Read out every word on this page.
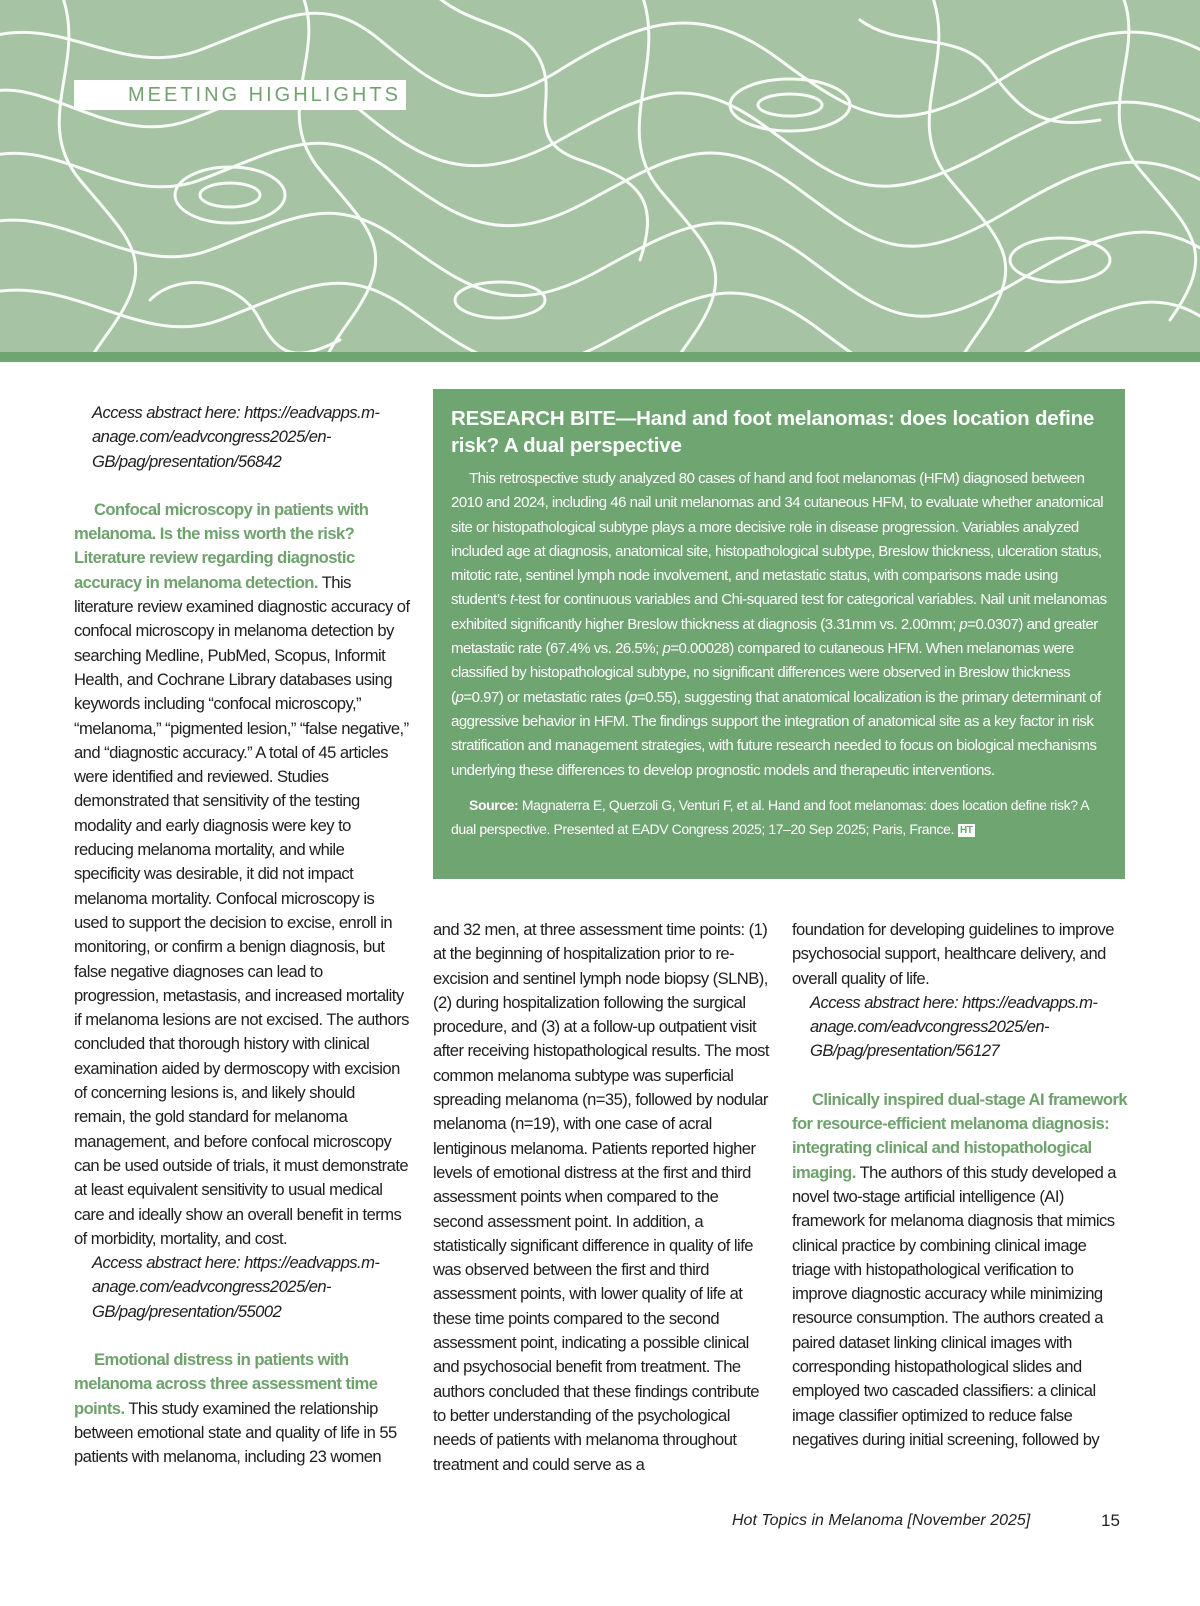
MEETING HIGHLIGHTS
Access abstract here: https://eadvapps.m-anage.com/eadvcongress2025/en-GB/pag/presentation/56842

Confocal microscopy in patients with melanoma. Is the miss worth the risk? Literature review regarding diagnostic accuracy in melanoma detection. This literature review examined diagnostic accuracy of confocal microscopy in melanoma detection by searching Medline, PubMed, Scopus, Informit Health, and Cochrane Library databases using keywords including “confocal microscopy,” “melanoma,” “pigmented lesion,” “false negative,” and “diagnostic accuracy.” A total of 45 articles were identified and reviewed. Studies demonstrated that sensitivity of the testing modality and early diagnosis were key to reducing melanoma mortality, and while specificity was desirable, it did not impact melanoma mortality. Confocal microscopy is used to support the decision to excise, enroll in monitoring, or confirm a benign diagnosis, but false negative diagnoses can lead to progression, metastasis, and increased mortality if melanoma lesions are not excised. The authors concluded that thorough history with clinical examination aided by dermoscopy with excision of concerning lesions is, and likely should remain, the gold standard for melanoma management, and before confocal microscopy can be used outside of trials, it must demonstrate at least equivalent sensitivity to usual medical care and ideally show an overall benefit in terms of morbidity, mortality, and cost.

Access abstract here: https://eadvapps.m-anage.com/eadvcongress2025/en-GB/pag/presentation/55002

Emotional distress in patients with melanoma across three assessment time points. This study examined the relationship between emotional state and quality of life in 55 patients with melanoma, including 23 women

RESEARCH BITE—Hand and foot melanomas: does location define risk? A dual perspective
This retrospective study analyzed 80 cases of hand and foot melanomas (HFM) diagnosed between 2010 and 2024, including 46 nail unit melanomas and 34 cutaneous HFM, to evaluate whether anatomical site or histopathological subtype plays a more decisive role in disease progression. Variables analyzed included age at diagnosis, anatomical site, histopathological subtype, Breslow thickness, ulceration status, mitotic rate, sentinel lymph node involvement, and metastatic status, with comparisons made using student’s t-test for continuous variables and Chi-squared test for categorical variables. Nail unit melanomas exhibited significantly higher Breslow thickness at diagnosis (3.31mm vs. 2.00mm; p=0.0307) and greater metastatic rate (67.4% vs. 26.5%; p=0.00028) compared to cutaneous HFM. When melanomas were classified by histopathological subtype, no significant differences were observed in Breslow thickness (p=0.97) or metastatic rates (p=0.55), suggesting that anatomical localization is the primary determinant of aggressive behavior in HFM. The findings support the integration of anatomical site as a key factor in risk stratification and management strategies, with future research needed to focus on biological mechanisms underlying these differences to develop prognostic models and therapeutic interventions.
Source: Magnaterra E, Querzoli G, Venturi F, et al. Hand and foot melanomas: does location define risk? A dual perspective. Presented at EADV Congress 2025; 17–20 Sep 2025; Paris, France. HT

and 32 men, at three assessment time points: (1) at the beginning of hospitalization prior to re-excision and sentinel lymph node biopsy (SLNB), (2) during hospitalization following the surgical procedure, and (3) at a follow-up outpatient visit after receiving histopathological results. The most common melanoma subtype was superficial spreading melanoma (n=35), followed by nodular melanoma (n=19), with one case of acral lentiginous melanoma. Patients reported higher levels of emotional distress at the first and third assessment points when compared to the second assessment point. In addition, a statistically significant difference in quality of life was observed between the first and third assessment points, with lower quality of life at these time points compared to the second assessment point, indicating a possible clinical and psychosocial benefit from treatment. The authors concluded that these findings contribute to better understanding of the psychological needs of patients with melanoma throughout treatment and could serve as a

foundation for developing guidelines to improve psychosocial support, healthcare delivery, and overall quality of life.

Access abstract here: https://eadvapps.m-anage.com/eadvcongress2025/en-GB/pag/presentation/56127

Clinically inspired dual-stage AI framework for resource-efficient melanoma diagnosis: integrating clinical and histopathological imaging. The authors of this study developed a novel two-stage artificial intelligence (AI) framework for melanoma diagnosis that mimics clinical practice by combining clinical image triage with histopathological verification to improve diagnostic accuracy while minimizing resource consumption. The authors created a paired dataset linking clinical images with corresponding histopathological slides and employed two cascaded classifiers: a clinical image classifier optimized to reduce false negatives during initial screening, followed by

Hot Topics in Melanoma [November 2025]	15
